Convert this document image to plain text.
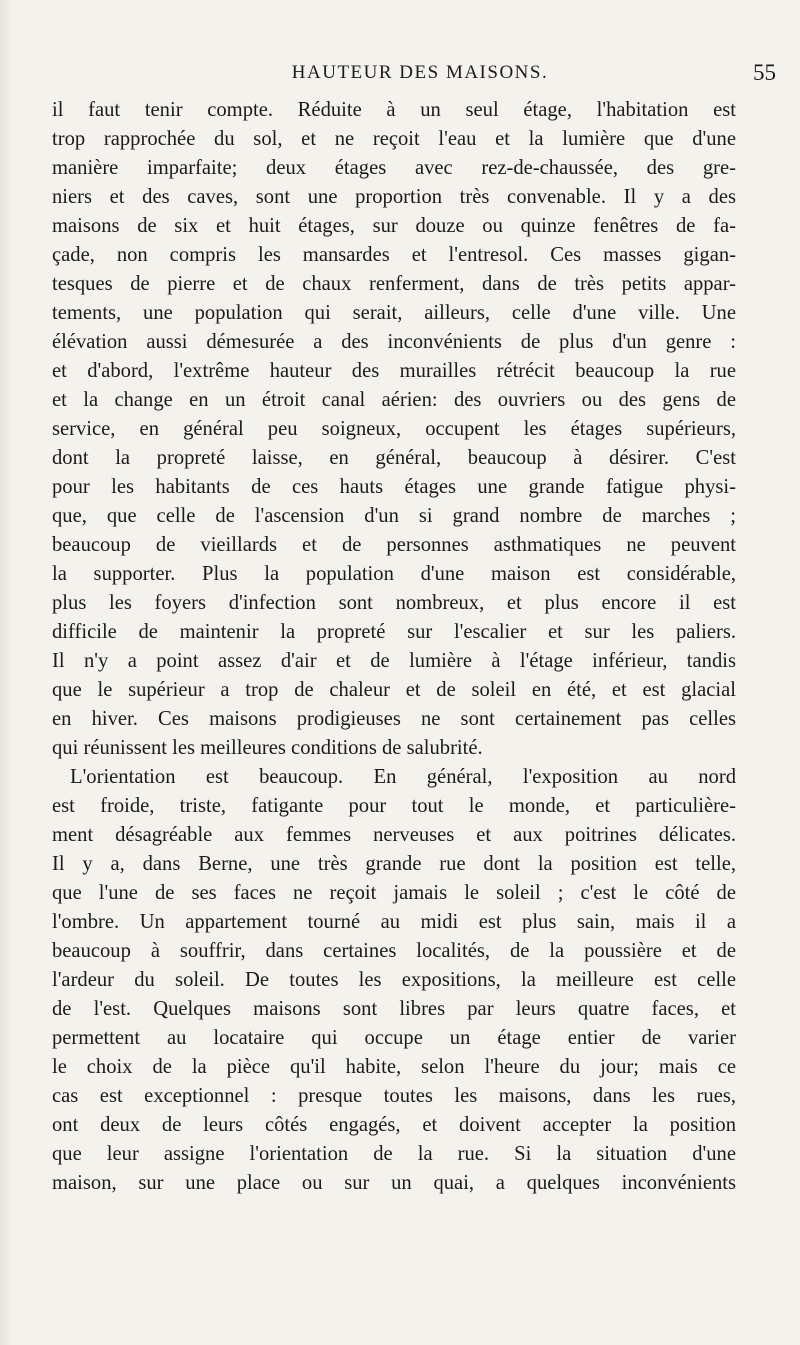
HAUTEUR DES MAISONS.	55
il faut tenir compte. Réduite à un seul étage, l'habitation est
trop rapprochée du sol, et ne reçoit l'eau et la lumière que d'une
manière imparfaite; deux étages avec rez-de-chaussée, des gre-
niers et des caves, sont une proportion très convenable. Il y a des
maisons de six et huit étages, sur douze ou quinze fenêtres de fa-
çade, non compris les mansardes et l'entresol. Ces masses gigan-
tesques de pierre et de chaux renferment, dans de très petits appar-
tements, une population qui serait, ailleurs, celle d'une ville. Une
élévation aussi démesurée a des inconvénients de plus d'un genre :
et d'abord, l'extrême hauteur des murailles rétrécit beaucoup la rue
et la change en un étroit canal aérien: des ouvriers ou des gens de
service, en général peu soigneux, occupent les étages supérieurs,
dont la propreté laisse, en général, beaucoup à désirer. C'est
pour les habitants de ces hauts étages une grande fatigue physi-
que, que celle de l'ascension d'un si grand nombre de marches ;
beaucoup de vieillards et de personnes asthmatiques ne peuvent
la supporter. Plus la population d'une maison est considérable,
plus les foyers d'infection sont nombreux, et plus encore il est
difficile de maintenir la propreté sur l'escalier et sur les paliers.
Il n'y a point assez d'air et de lumière à l'étage inférieur, tandis
que le supérieur a trop de chaleur et de soleil en été, et est glacial
en hiver. Ces maisons prodigieuses ne sont certainement pas celles
qui réunissent les meilleures conditions de salubrité.
L'orientation est beaucoup. En général, l'exposition au nord
est froide, triste, fatigante pour tout le monde, et particulière-
ment désagréable aux femmes nerveuses et aux poitrines délicates.
Il y a, dans Berne, une très grande rue dont la position est telle,
que l'une de ses faces ne reçoit jamais le soleil ; c'est le côté de
l'ombre. Un appartement tourné au midi est plus sain, mais il a
beaucoup à souffrir, dans certaines localités, de la poussière et de
l'ardeur du soleil. De toutes les expositions, la meilleure est celle
de l'est. Quelques maisons sont libres par leurs quatre faces, et
permettent au locataire qui occupe un étage entier de varier
le choix de la pièce qu'il habite, selon l'heure du jour; mais ce
cas est exceptionnel : presque toutes les maisons, dans les rues,
ont deux de leurs côtés engagés, et doivent accepter la position
que leur assigne l'orientation de la rue. Si la situation d'une
maison, sur une place ou sur un quai, a quelques inconvénients
